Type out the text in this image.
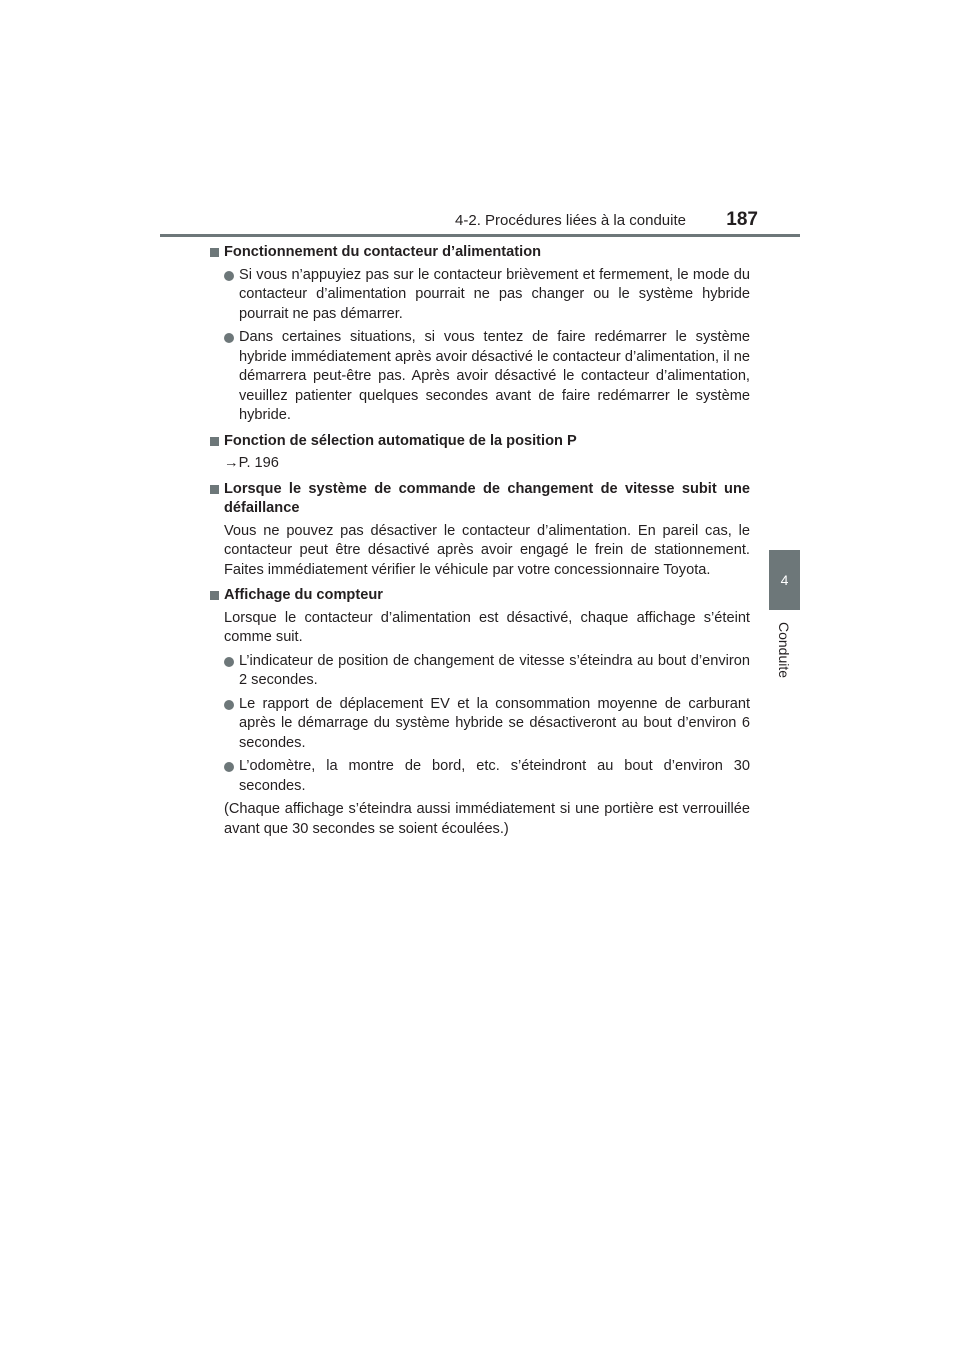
4-2. Procédures liées à la conduite 187
4
Conduite
Fonctionnement du contacteur d’alimentation
Si vous n’appuyiez pas sur le contacteur brièvement et fermement, le mode du contacteur d’alimentation pourrait ne pas changer ou le système hybride pourrait ne pas démarrer.
Dans certaines situations, si vous tentez de faire redémarrer le système hybride immédiatement après avoir désactivé le contacteur d’alimentation, il ne démarrera peut-être pas. Après avoir désactivé le contacteur d’alimentation, veuillez patienter quelques secondes avant de faire redémarrer le système hybride.
Fonction de sélection automatique de la position P
→P. 196
Lorsque le système de commande de changement de vitesse subit une défaillance
Vous ne pouvez pas désactiver le contacteur d’alimentation. En pareil cas, le contacteur peut être désactivé après avoir engagé le frein de stationnement. Faites immédiatement vérifier le véhicule par votre concessionnaire Toyota.
Affichage du compteur
Lorsque le contacteur d’alimentation est désactivé, chaque affichage s’éteint comme suit.
L’indicateur de position de changement de vitesse s’éteindra au bout d’environ 2 secondes.
Le rapport de déplacement EV et la consommation moyenne de carburant après le démarrage du système hybride se désactiveront au bout d’environ 6 secondes.
L’odomètre, la montre de bord, etc. s’éteindront au bout d’environ 30 secondes.
(Chaque affichage s’éteindra aussi immédiatement si une portière est verrouillée avant que 30 secondes se soient écoulées.)
